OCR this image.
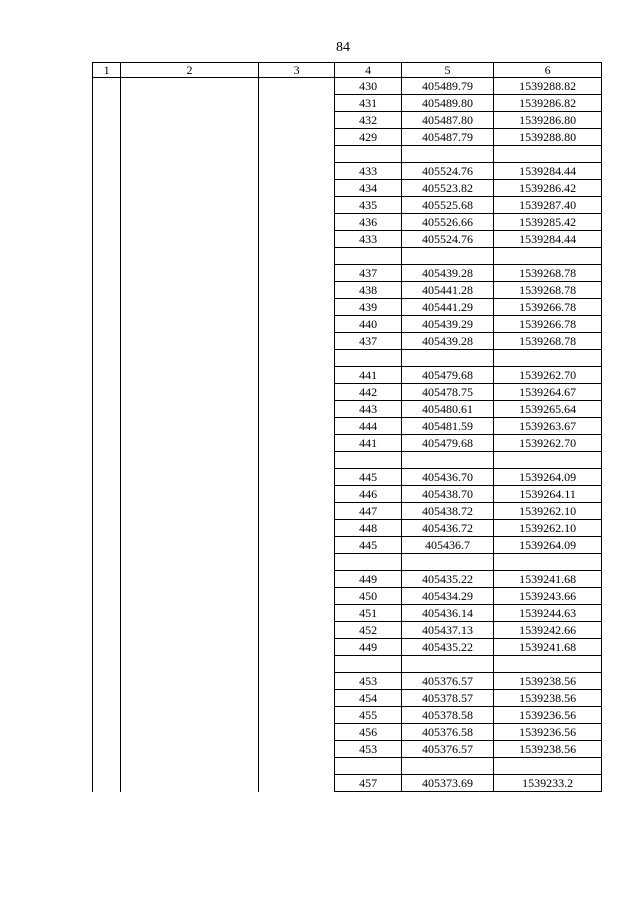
84
1	2	3	4	5	6
			430	405489.79	1539288.82
			431	405489.80	1539286.82
			432	405487.80	1539286.80
			429	405487.79	1539288.80

			433	405524.76	1539284.44
			434	405523.82	1539286.42
			435	405525.68	1539287.40
			436	405526.66	1539285.42
			433	405524.76	1539284.44

			437	405439.28	1539268.78
			438	405441.28	1539268.78
			439	405441.29	1539266.78
			440	405439.29	1539266.78
			437	405439.28	1539268.78

			441	405479.68	1539262.70
			442	405478.75	1539264.67
			443	405480.61	1539265.64
			444	405481.59	1539263.67
			441	405479.68	1539262.70

			445	405436.70	1539264.09
			446	405438.70	1539264.11
			447	405438.72	1539262.10
			448	405436.72	1539262.10
			445	405436.7	1539264.09

			449	405435.22	1539241.68
			450	405434.29	1539243.66
			451	405436.14	1539244.63
			452	405437.13	1539242.66
			449	405435.22	1539241.68

			453	405376.57	1539238.56
			454	405378.57	1539238.56
			455	405378.58	1539236.56
			456	405376.58	1539236.56
			453	405376.57	1539238.56

			457	405373.69	1539233.2
